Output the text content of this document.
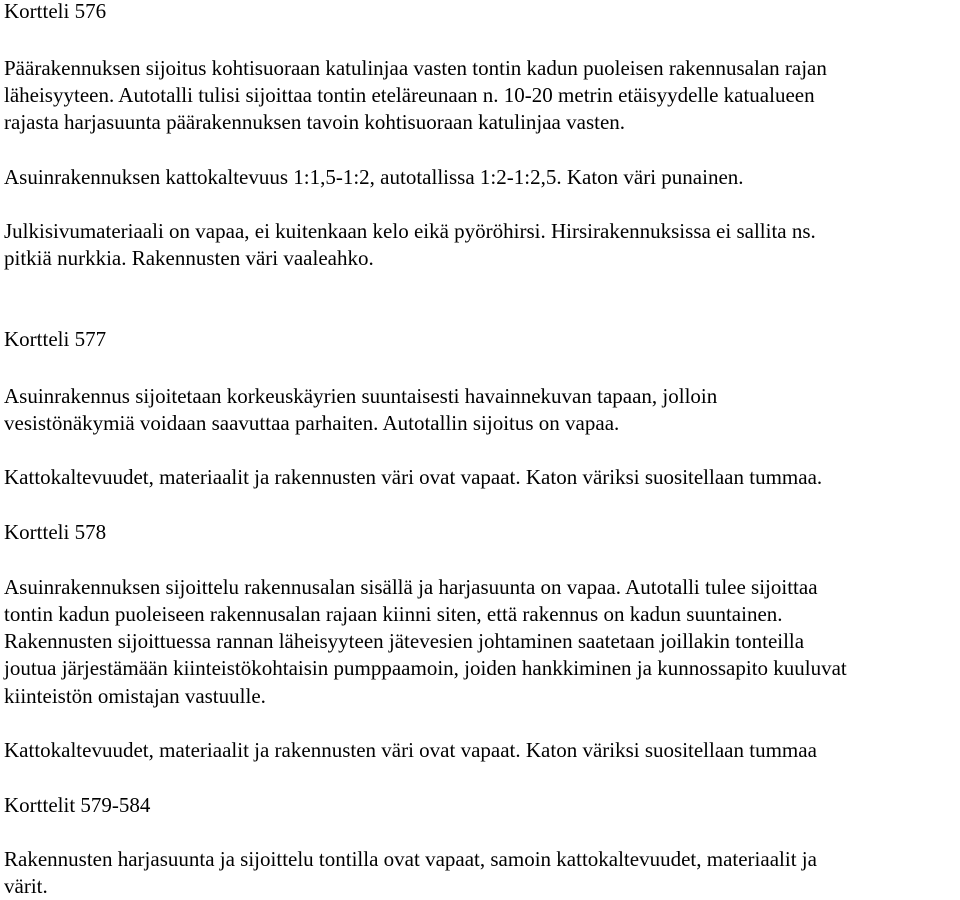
Kortteli 576

Päärakennuksen sijoitus kohtisuoraan katulinjaa vasten tontin kadun puoleisen rakennusalan rajan

läheisyyteen. Autotalli tulisi sijoittaa tontin eteläreunaan n. 10-20 metrin etäisyydelle katualueen

rajasta harjasuunta päärakennuksen tavoin kohtisuoraan katulinjaa vasten.

Asuinrakennuksen kattokaltevuus 1:1,5-1:2, autotallissa 1:2-1:2,5. Katon väri punainen.

Julkisivumateriaali on vapaa, ei kuitenkaan kelo eikä pyöröhirsi. Hirsirakennuksissa ei sallita ns.

pitkiä nurkkia. Rakennusten väri vaaleahko.

Kortteli 577

Asuinrakennus sijoitetaan korkeuskäyrien suuntaisesti havainnekuvan tapaan, jolloin

vesistönäkymiä voidaan saavuttaa parhaiten. Autotallin sijoitus on vapaa.

Kattokaltevuudet, materiaalit ja rakennusten väri ovat vapaat. Katon väriksi suositellaan tummaa.

Kortteli 578

Asuinrakennuksen sijoittelu rakennusalan sisällä ja harjasuunta on vapaa. Autotalli tulee sijoittaa

tontin kadun puoleiseen rakennusalan rajaan kiinni siten, että rakennus on kadun suuntainen.

Rakennusten sijoittuessa rannan läheisyyteen jätevesien johtaminen saatetaan joillakin tonteilla

joutua järjestämään kiinteistökohtaisin pumppaamoin, joiden hankkiminen ja kunnossapito kuuluvat

kiinteistön omistajan vastuulle.

Kattokaltevuudet, materiaalit ja rakennusten väri ovat vapaat. Katon väriksi suositellaan tummaa

Korttelit 579-584

Rakennusten harjasuunta ja sijoittelu tontilla ovat vapaat, samoin kattokaltevuudet, materiaalit ja

värit.
